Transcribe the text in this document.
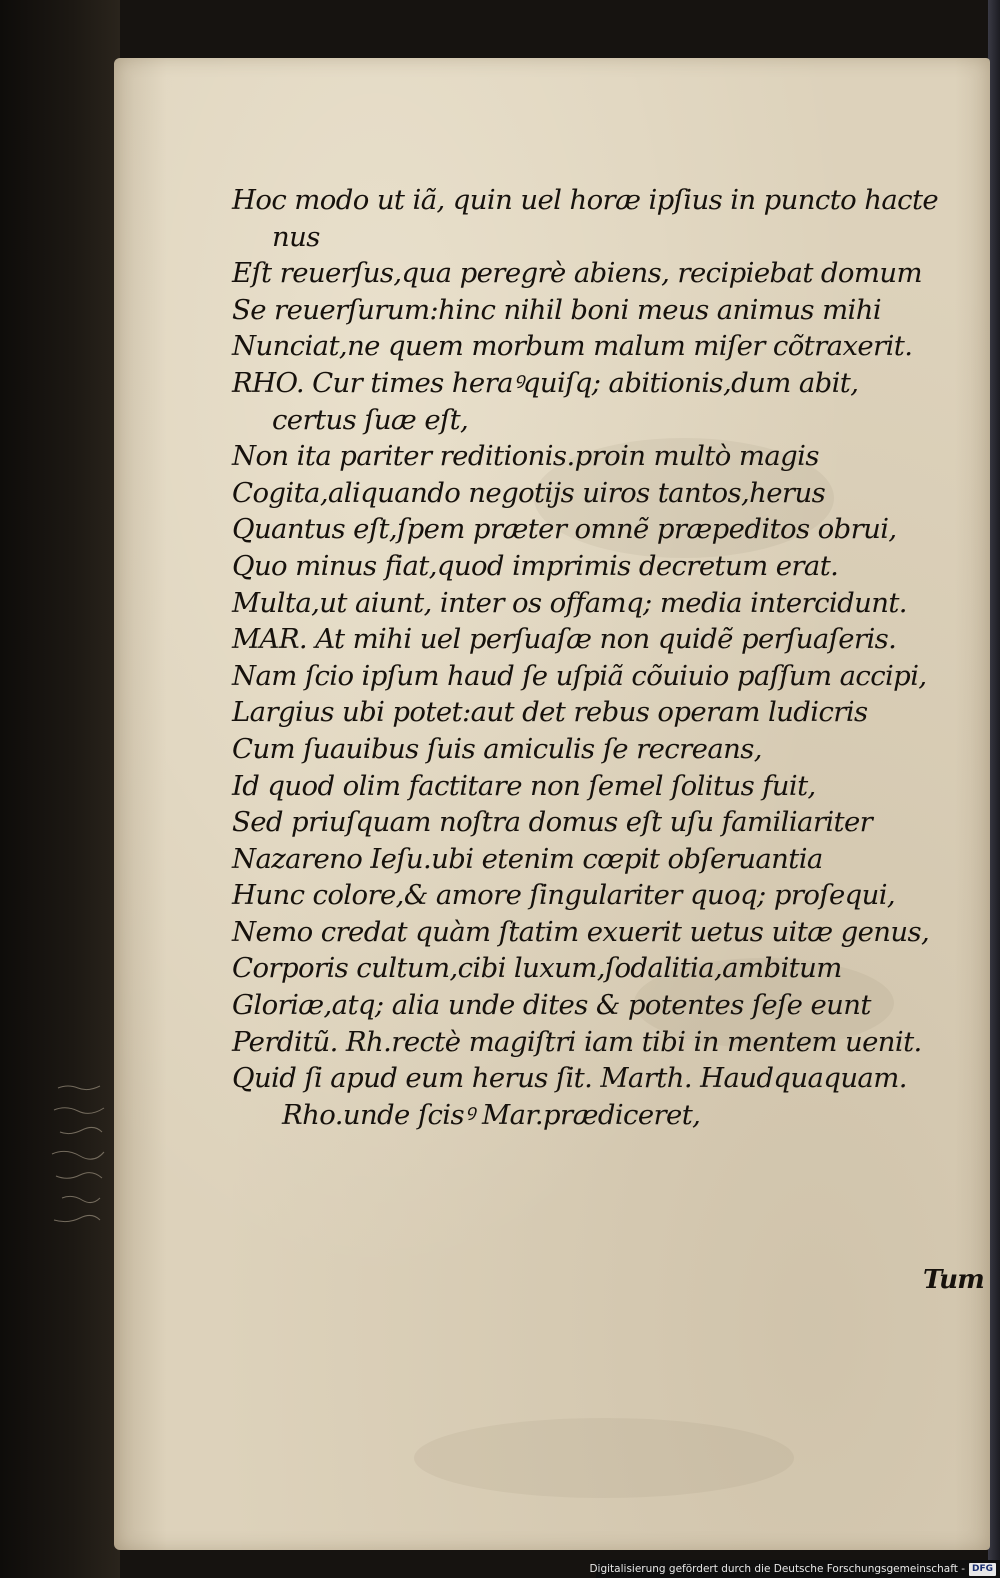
Hoc modo ut iã, quin uel horæ ipſius in puncto hacte
nus
Eſt reuerſus,qua peregrè abiens, recipiebat domum
Se reuerſurum:hinc nihil boni meus animus mihi
Nunciat,ne quem morbum malum miſer cõtraxerit.
RHO. Cur times heraꝰquiſq; abitionis,dum abit,
certus ſuæ eſt,
Non ita pariter reditionis.proin multò magis
Cogita,aliquando negotijs uiros tantos,herus
Quantus eſt,ſpem præter omnẽ præpeditos obrui,
Quo minus fiat,quod imprimis decretum erat.
Multa,ut aiunt, inter os offamq; media intercidunt.
MAR. At mihi uel perſuaſæ non quidẽ perſuaſeris.
Nam ſcio ipſum haud ſe uſpiã cõuiuio paſſum accipi,
Largius ubi potet:aut det rebus operam ludicris
Cum ſuauibus ſuis amiculis ſe recreans,
Id quod olim factitare non ſemel ſolitus fuit,
Sed priuſquam noſtra domus eſt uſu familiariter
Nazareno Ieſu.ubi etenim cœpit obſeruantia
Hunc colore,& amore ſingulariter quoq; proſequi,
Nemo credat quàm ſtatim exuerit uetus uitæ genus,
Corporis cultum,cibi luxum,ſodalitia,ambitum
Gloriæ,atq; alia unde dites & potentes ſeſe eunt
Perditũ. Rh.rectè magiſtri iam tibi in mentem uenit.
Quid ſi apud eum herus ſit. Marth. Haudquaquam.
Rho.unde ſcisꝰ Mar.prædiceret,
Tum
Digitalisierung gefördert durch die Deutsche Forschungsgemeinschaft - DFG
